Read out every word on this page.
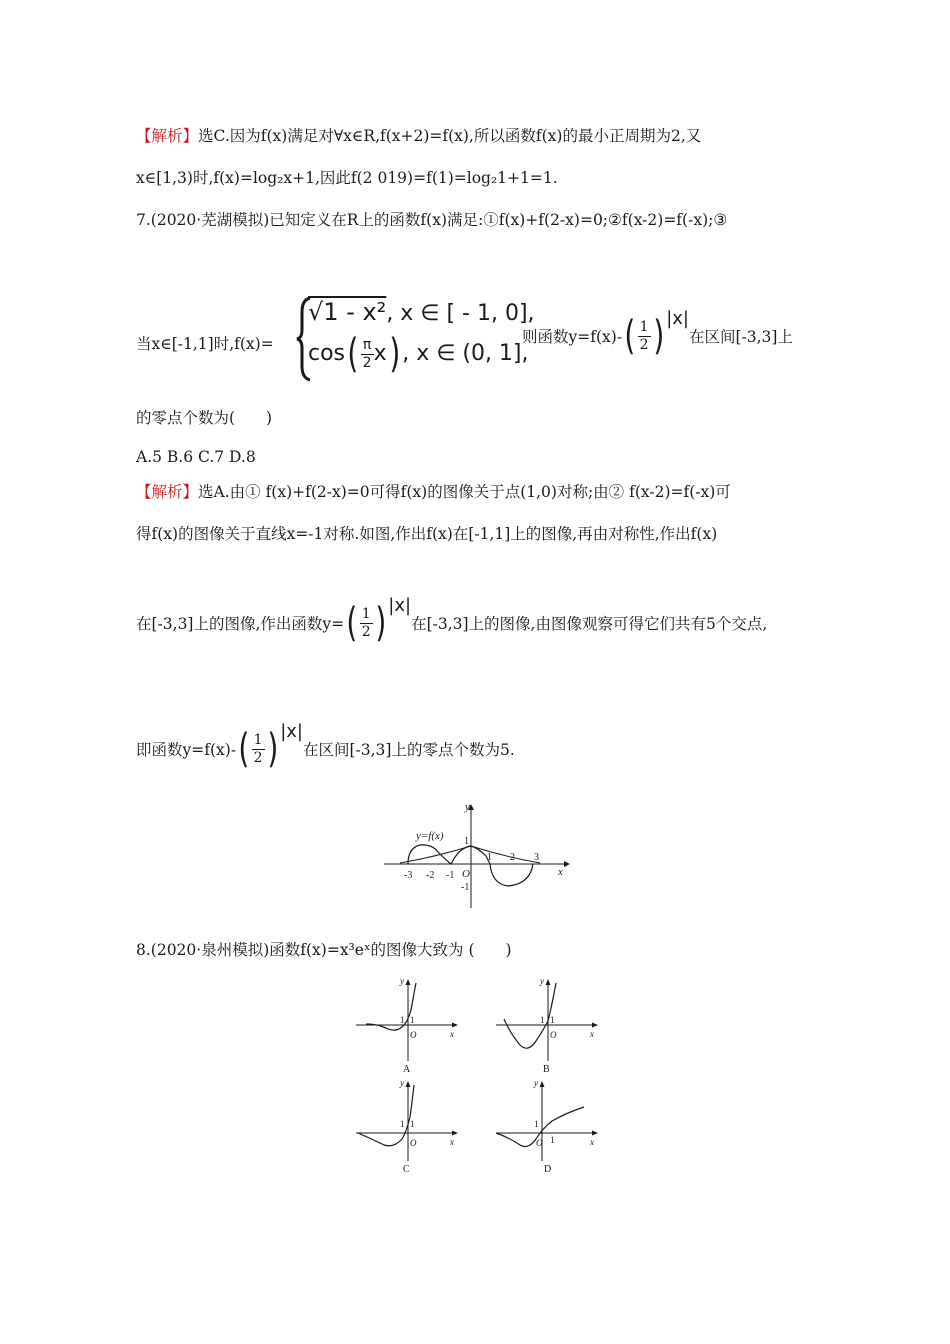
【解析】选C.因为f(x)满足对∀x∈R,f(x+2)=f(x),所以函数f(x)的最小正周期为2,又
x∈[1,3)时,f(x)=log₂x+1,因此f(2 019)=f(1)=log₂1+1=1.
7.(2020·芜湖模拟)已知定义在R上的函数f(x)满足:①f(x)+f(2-x)=0;②f(x-2)=f(-x);③
当x∈[-1,1]时,f(x)=
√1 - x², x ∈ [ - 1, 0],
$\cos( \frac{\pi}{2} x)$ , x ∈ (0, 1],
则函数$y=f(x)-( \frac{1}{2}$ ) |x|在区间[-3,3]上
的零点个数为(　　)
A.5 B.6 C.7 D.8
【解析】选A.由① f(x)+f(2-x)=0可得f(x)的图像关于点(1,0)对称;由② f(x-2)=f(-x)可
得f(x)的图像关于直线x=-1对称.如图,作出f(x)在[-1,1]上的图像,再由对称性,作出f(x)
在[-3,3]上的图像,作出函数$y=( \frac{1}{2}$ ) |x|在[-3,3]上的图像,由图像观察可得它们共有5个交点,
即函数$y=f(x)-( \frac{1}{2}$ ) |x|在区间[-3,3]上的零点个数为5.
y=f(x)
y
x
O
-3 -2 -1
1 2 3
1
-1
8.(2020·泉州模拟)函数f(x)=x³eˣ的图像大致为 (　　)
y
x
O
1 1
A
y
x
O
1 1
B
y
x
O
1 1
C
y
x
O
1
1
D
